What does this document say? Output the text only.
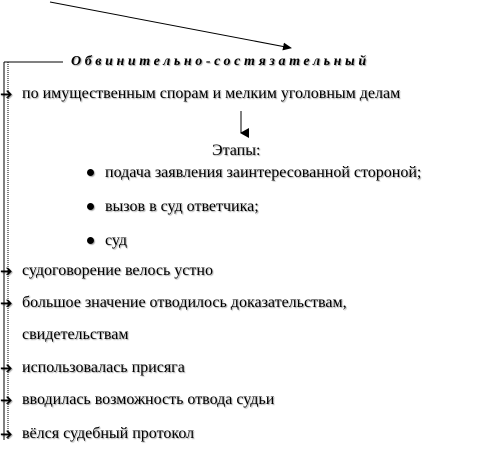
Обвинительно-состязательный
➔ по имущественным спорам и мелким уголовным делам
Этапы:
подача заявления заинтересованной стороной;
вызов в суд ответчика;
суд
➔ судоговорение велось устно
➔ большое значение отводилось доказательствам,
свидетельствам
➔ использовалась присяга
➔ вводилась возможность отвода судьи
➔ вёлся судебный протокол
